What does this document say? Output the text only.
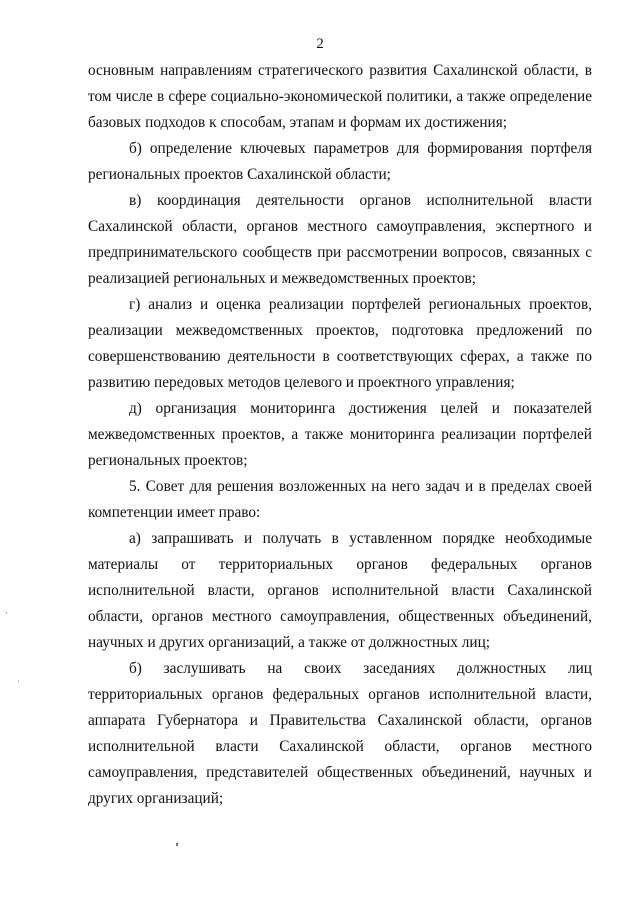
2
основным направлениям стратегического развития Сахалинской области, в
том числе в сфере социально-экономической политики, а также определение
базовых подходов к способам, этапам и формам их достижения;
б) определение ключевых параметров для формирования портфеля
региональных проектов Сахалинской области;
в) координация деятельности органов исполнительной власти
Сахалинской области, органов местного самоуправления, экспертного и
предпринимательского сообществ при рассмотрении вопросов, связанных с
реализацией региональных и межведомственных проектов;
г) анализ и оценка реализации портфелей региональных проектов,
реализации межведомственных проектов, подготовка предложений по
совершенствованию деятельности в соответствующих сферах, а также по
развитию передовых методов целевого и проектного управления;
д) организация мониторинга достижения целей и показателей
межведомственных проектов, а также мониторинга реализации портфелей
региональных проектов;
5. Совет для решения возложенных на него задач и в пределах своей
компетенции имеет право:
а) запрашивать и получать в уставленном порядке необходимые
материалы от территориальных органов федеральных органов
исполнительной власти, органов исполнительной власти Сахалинской
области, органов местного самоуправления, общественных объединений,
научных и других организаций, а также от должностных лиц;
б) заслушивать на своих заседаниях должностных лиц
территориальных органов федеральных органов исполнительной власти,
аппарата Губернатора и Правительства Сахалинской области, органов
исполнительной власти Сахалинской области, органов местного
самоуправления, представителей общественных объединений, научных и
других организаций;
